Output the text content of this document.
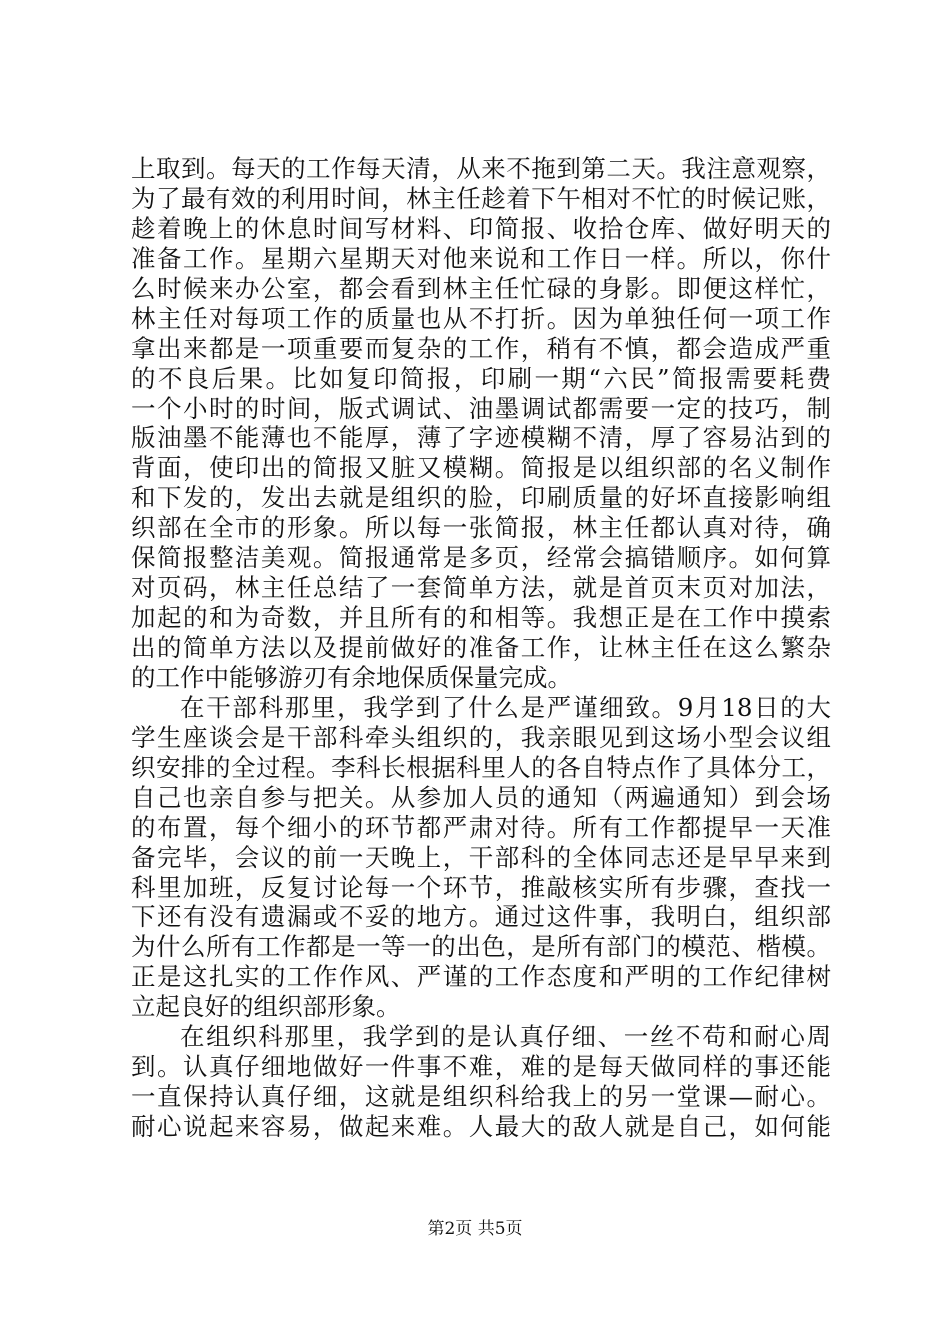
上取到。每天的工作每天清，从来不拖到第二天。我注意观察，
为了最有效的利用时间，林主任趁着下午相对不忙的时候记账，
趁着晚上的休息时间写材料、印简报、收拾仓库、做好明天的
准备工作。星期六星期天对他来说和工作日一样。所以，你什
么时候来办公室，都会看到林主任忙碌的身影。即便这样忙，
林主任对每项工作的质量也从不打折。因为单独任何一项工作
拿出来都是一项重要而复杂的工作，稍有不慎，都会造成严重
的不良后果。比如复印简报，印刷一期“六民”简报需要耗费
一个小时的时间，版式调试、油墨调试都需要一定的技巧，制
版油墨不能薄也不能厚，薄了字迹模糊不清，厚了容易沾到的
背面，使印出的简报又脏又模糊。简报是以组织部的名义制作
和下发的，发出去就是组织的脸，印刷质量的好坏直接影响组
织部在全市的形象。所以每一张简报，林主任都认真对待，确
保简报整洁美观。简报通常是多页，经常会搞错顺序。如何算
对页码，林主任总结了一套简单方法，就是首页末页对加法，
加起的和为奇数，并且所有的和相等。我想正是在工作中摸索
出的简单方法以及提前做好的准备工作，让林主任在这么繁杂
的工作中能够游刃有余地保质保量完成。
在干部科那里，我学到了什么是严谨细致。9月18日的大
学生座谈会是干部科牵头组织的，我亲眼见到这场小型会议组
织安排的全过程。李科长根据科里人的各自特点作了具体分工，
自己也亲自参与把关。从参加人员的通知（两遍通知）到会场
的布置，每个细小的环节都严肃对待。所有工作都提早一天准
备完毕，会议的前一天晚上，干部科的全体同志还是早早来到
科里加班，反复讨论每一个环节，推敲核实所有步骤，查找一
下还有没有遗漏或不妥的地方。通过这件事，我明白，组织部
为什么所有工作都是一等一的出色，是所有部门的模范、楷模。
正是这扎实的工作作风、严谨的工作态度和严明的工作纪律树
立起良好的组织部形象。
在组织科那里，我学到的是认真仔细、一丝不苟和耐心周
到。认真仔细地做好一件事不难，难的是每天做同样的事还能
一直保持认真仔细，这就是组织科给我上的另一堂课—耐心。
耐心说起来容易，做起来难。人最大的敌人就是自己，如何能
第2页 共5页
